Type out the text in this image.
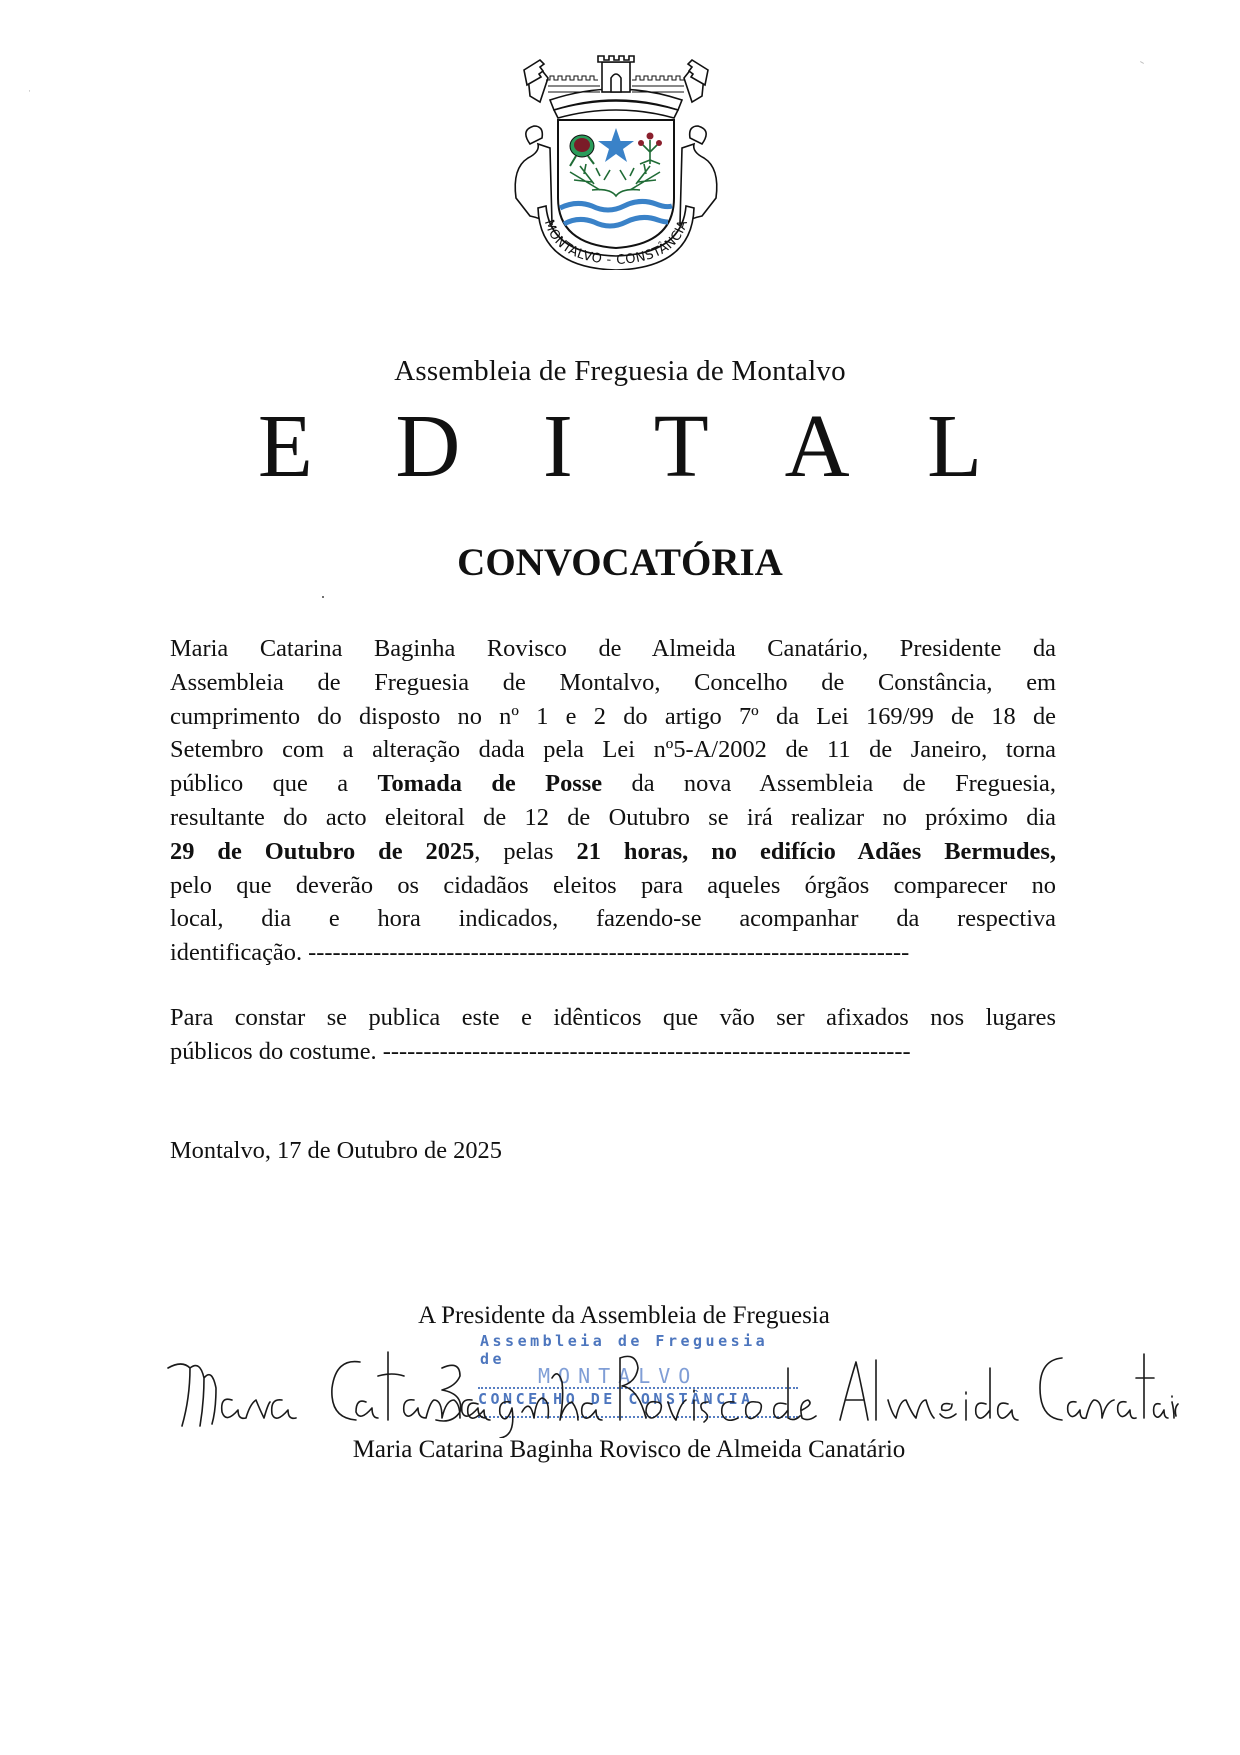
·
MONTALVO - CONSTÂNCIA
Assembleia de Freguesia de Montalvo
E D I T A L
CONVOCATÓRIA
Maria Catarina Baginha Rovisco de Almeida Canatário, Presidente da
Assembleia de Freguesia de Montalvo, Concelho de Constância, em
cumprimento do disposto no nº 1 e 2 do artigo 7º da Lei 169/99 de 18 de
Setembro com a alteração dada pela Lei nº5-A/2002 de 11 de Janeiro, torna
público que a Tomada de Posse da nova Assembleia de Freguesia,
resultante do acto eleitoral de 12 de Outubro se irá realizar no próximo dia
29 de Outubro de 2025, pelas 21 horas, no edifício Adães Bermudes,
pelo que deverão os cidadãos eleitos para aqueles órgãos comparecer no
local, dia e hora indicados, fazendo-se acompanhar da respectiva
identificação. --------------------------------------------------------------------------
Para constar se publica este e idênticos que vão ser afixados nos lugares
públicos do costume. -----------------------------------------------------------------
Montalvo, 17 de Outubro de 2025
A Presidente da Assembleia de Freguesia
Assembleia de Freguesia de
MONTALVO
CONCELHO DE CONSTÂNCIA
Maria Catarina Baginha Rovisco de Almeida Canatário
